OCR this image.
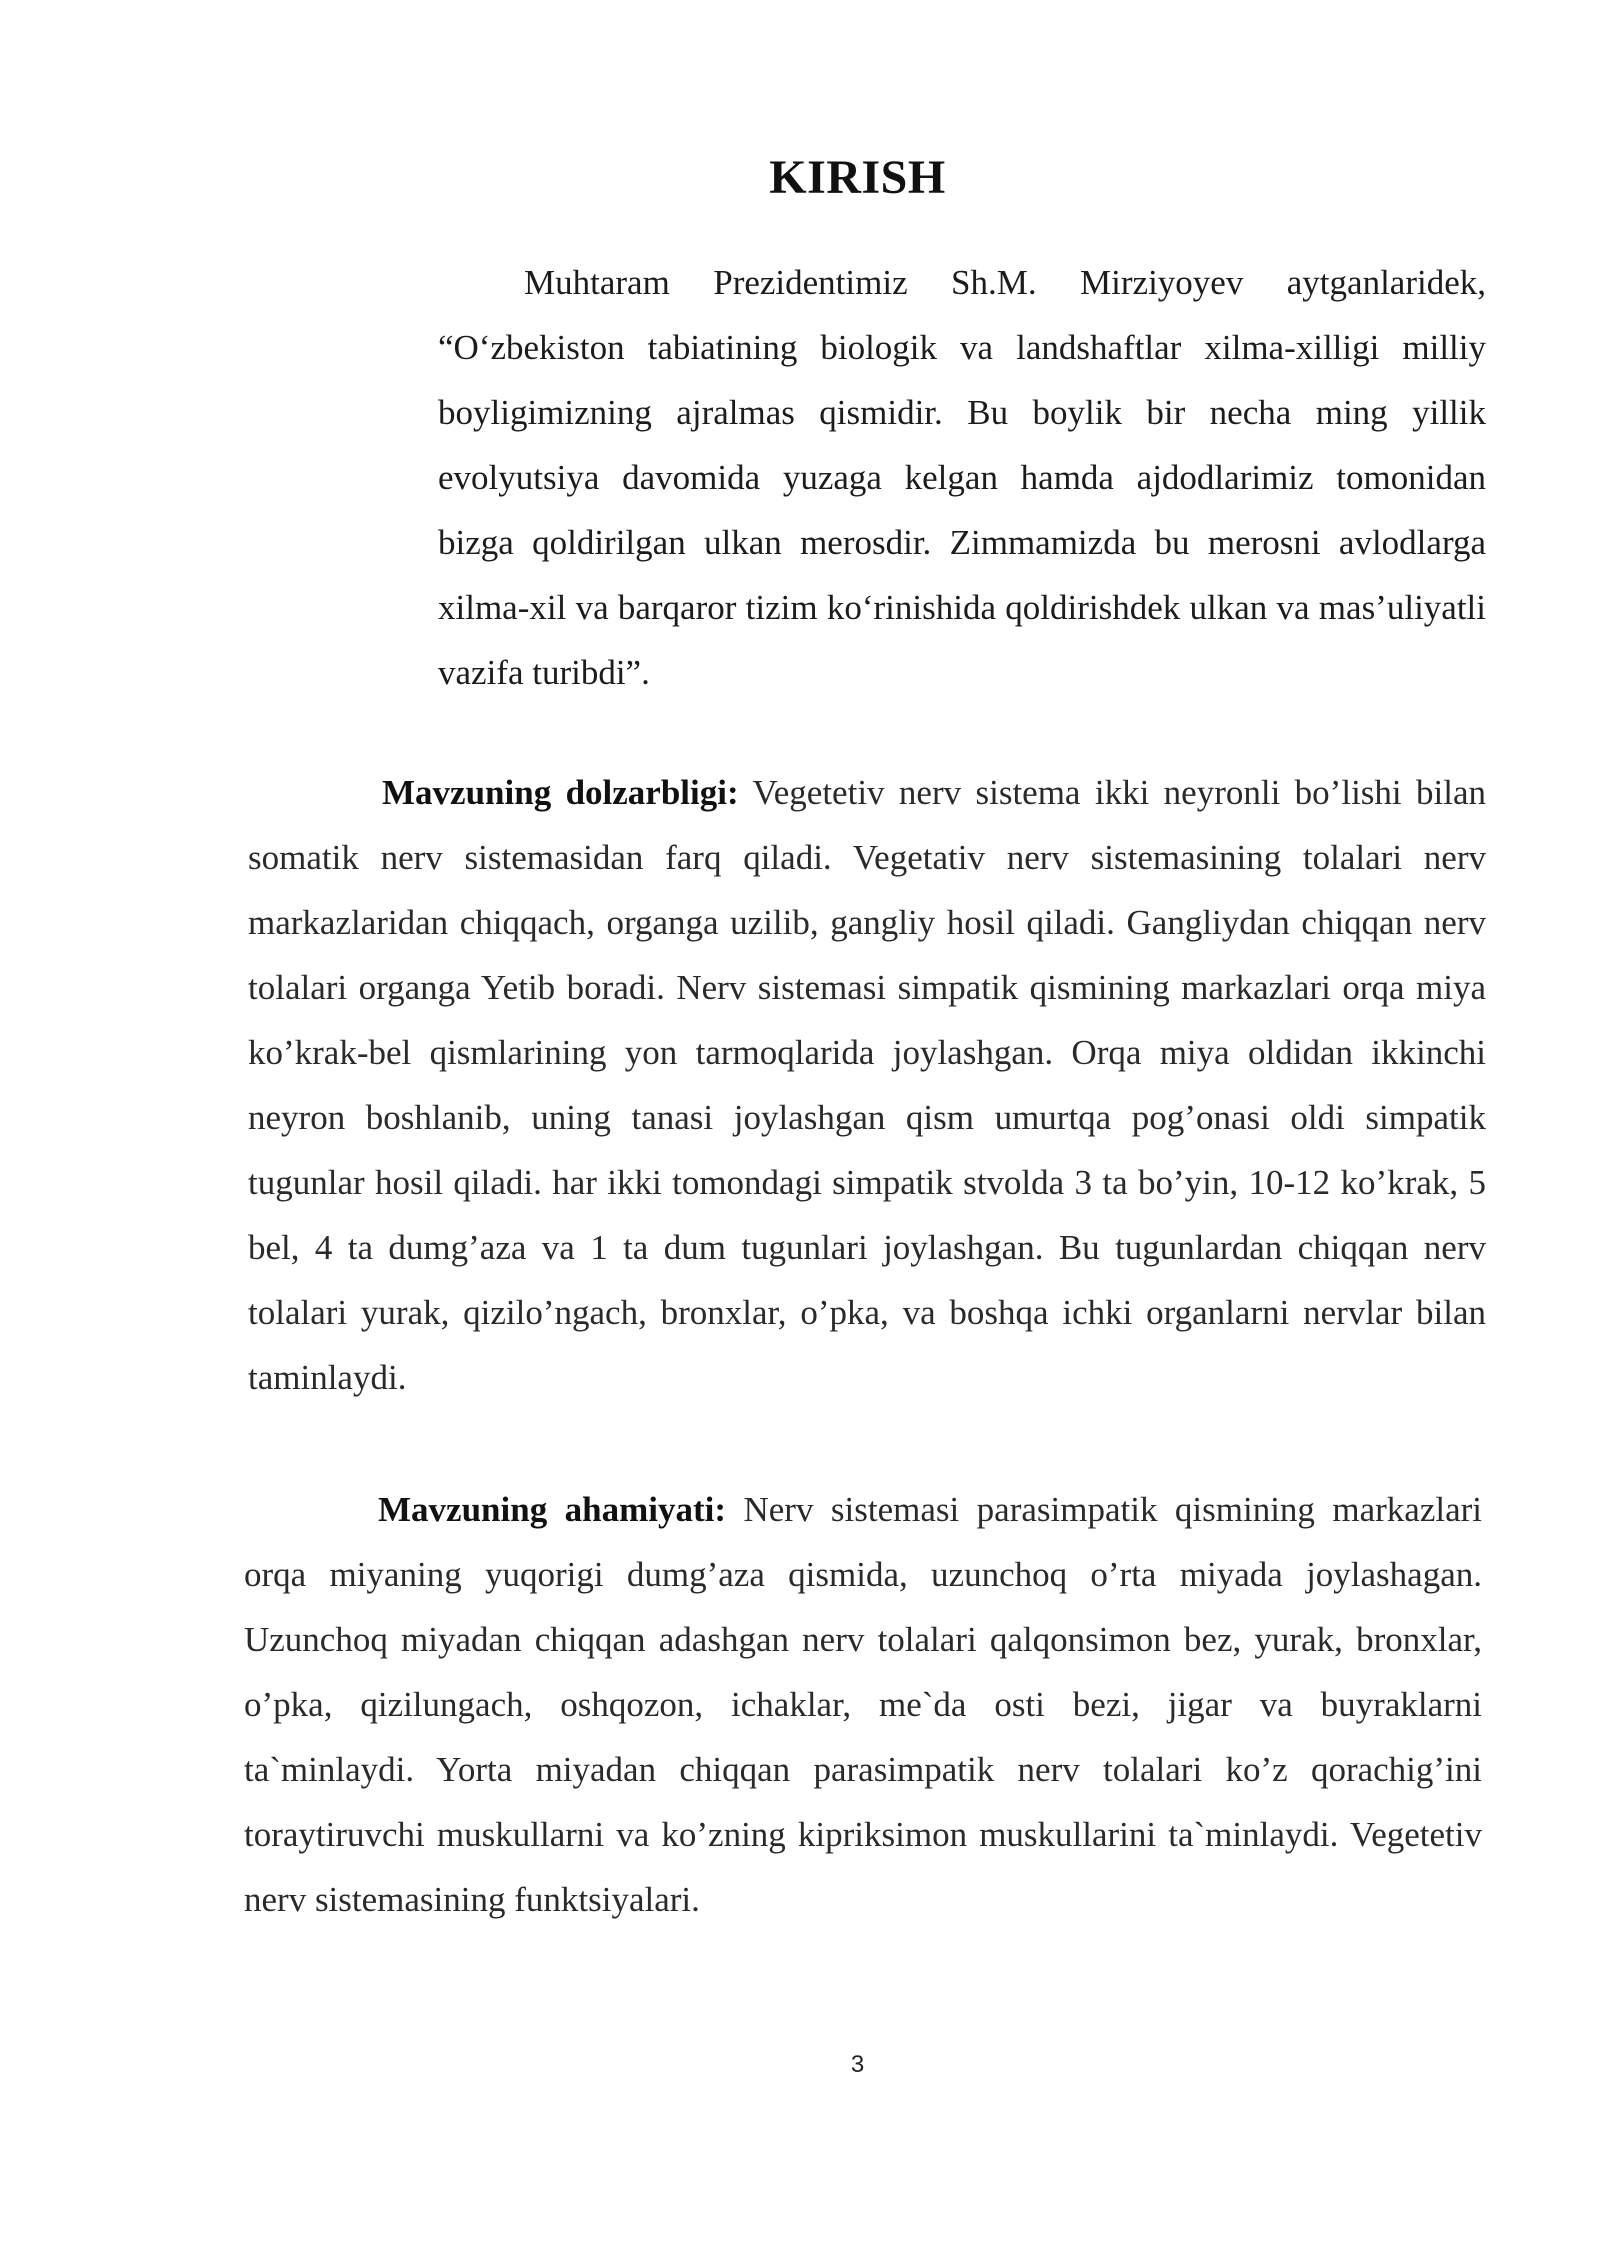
KIRISH

Muhtaram Prezidentimiz Sh.M. Mirziyoyev aytganlaridek, “O‘zbekiston tabiatining biologik va landshaftlar xilma-xilligi milliy boyligimizning ajralmas qismidir. Bu boylik bir necha ming yillik evolyutsiya davomida yuzaga kelgan hamda ajdodlarimiz tomonidan bizga qoldirilgan ulkan merosdir. Zimmamizda bu merosni avlodlarga xilma-xil va barqaror tizim ko‘rinishida qoldirishdek ulkan va mas’uliyatli vazifa turibdi”.

Mavzuning dolzarbligi: Vegetetiv nerv sistema ikki neyronli bo’lishi bilan somatik nerv sistemasidan farq qiladi. Vegetativ nerv sistemasining tolalari nerv markazlaridan chiqqach, organga uzilib, gangliy hosil qiladi. Gangliydan chiqqan nerv tolalari organga Yetib boradi. Nerv sistemasi simpatik qismining markazlari orqa miya ko’krak-bel qismlarining yon tarmoqlarida joylashgan. Orqa miya oldidan ikkinchi neyron boshlanib, uning tanasi joylashgan qism umurtqa pog’onasi oldi simpatik tugunlar hosil qiladi. har ikki tomondagi simpatik stvolda 3 ta bo’yin, 10-12 ko’krak, 5 bel, 4 ta dumg’aza va 1 ta dum tugunlari joylashgan. Bu tugunlardan chiqqan nerv tolalari yurak, qizilo’ngach, bronxlar, o’pka, va boshqa ichki organlarni nervlar bilan taminlaydi.

Mavzuning ahamiyati: Nerv sistemasi parasimpatik qismining markazlari orqa miyaning yuqorigi dumg’aza qismida, uzunchoq o’rta miyada joylashagan. Uzunchoq miyadan chiqqan adashgan nerv tolalari qalqonsimon bez, yurak, bronxlar, o’pka, qizilungach, oshqozon, ichaklar, me`da osti bezi, jigar va buyraklarni ta`minlaydi. Yorta miyadan chiqqan parasimpatik nerv tolalari ko’z qorachig’ini toraytiruvchi muskullarni va ko’zning kipriksimon muskullarini ta`minlaydi. Vegetetiv nerv sistemasining funktsiyalari.

3
